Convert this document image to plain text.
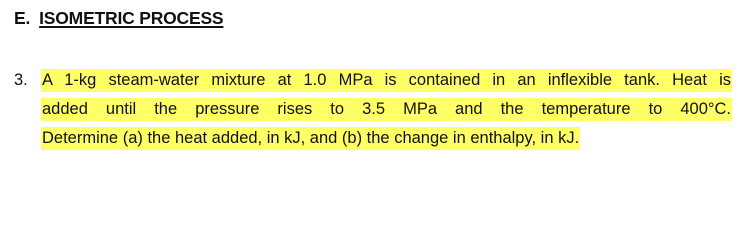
E. ISOMETRIC PROCESS
3. A 1-kg steam-water mixture at 1.0 MPa is contained in an inflexible tank. Heat is
added until the pressure rises to 3.5 MPa and the temperature to 400°C.
Determine (a) the heat added, in kJ, and (b) the change in enthalpy, in kJ.
